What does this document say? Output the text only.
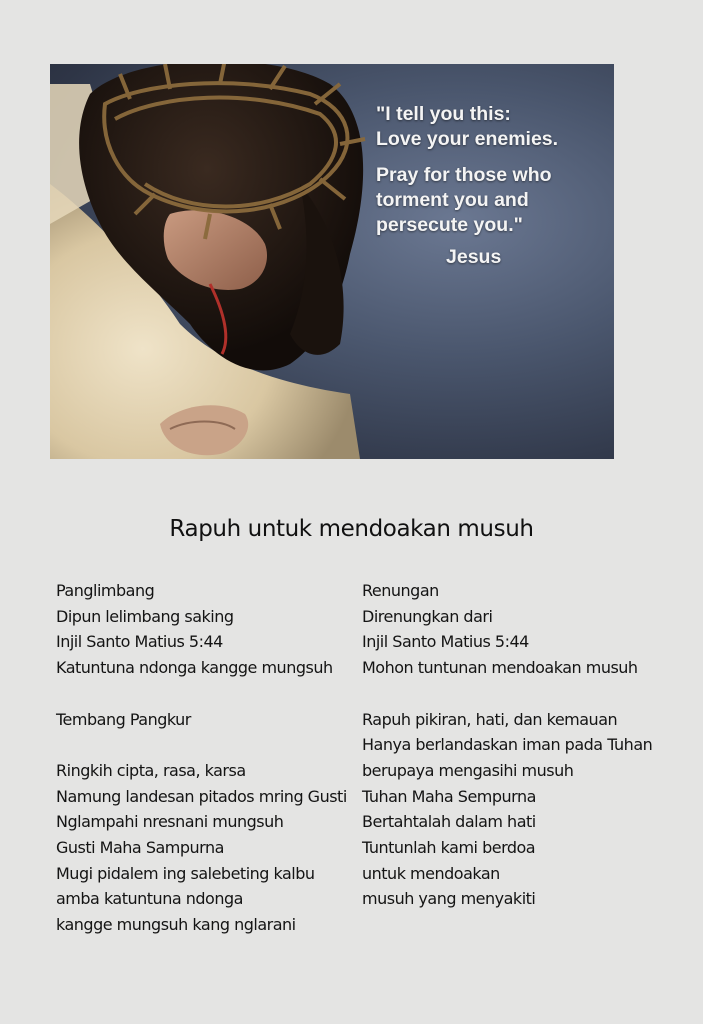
"I tell you this:
Love your enemies.
Pray for those who
torment you and
persecute you."
Jesus
Rapuh untuk mendoakan musuh
Panglimbang
Dipun lelimbang saking
Injil Santo Matius 5:44
Katuntuna ndonga kangge mungsuh
Tembang Pangkur
Ringkih cipta, rasa, karsa
Namung landesan pitados mring Gusti
Nglampahi nresnani mungsuh
Gusti Maha Sampurna
Mugi pidalem ing salebeting kalbu
amba katuntuna ndonga
kangge mungsuh kang nglarani
Renungan
Direnungkan dari
Injil Santo Matius 5:44
Mohon tuntunan mendoakan musuh
Rapuh pikiran, hati, dan kemauan
Hanya berlandaskan iman pada Tuhan
berupaya mengasihi musuh
Tuhan Maha Sempurna
Bertahtalah dalam hati
Tuntunlah kami berdoa
untuk mendoakan
musuh yang menyakiti
